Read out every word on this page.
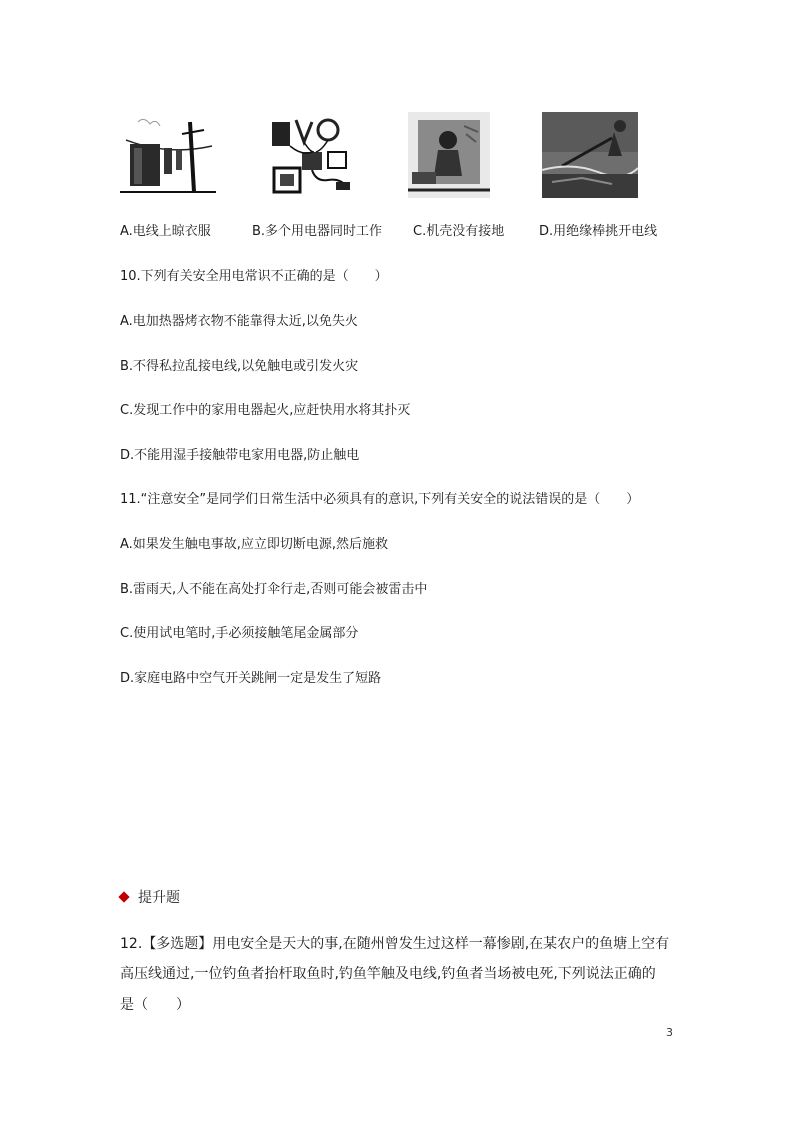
A.电线上晾衣服	B.多个用电器同时工作 C.机壳没有接地	D.用绝缘棒挑开电线
10.下列有关安全用电常识不正确的是（　　）
A.电加热器烤衣物不能靠得太近,以免失火
B.不得私拉乱接电线,以免触电或引发火灾
C.发现工作中的家用电器起火,应赶快用水将其扑灭
D.不能用湿手接触带电家用电器,防止触电
11.“注意安全”是同学们日常生活中必须具有的意识,下列有关安全的说法错误的是（　　）
A.如果发生触电事故,应立即切断电源,然后施救
B.雷雨天,人不能在高处打伞行走,否则可能会被雷击中
C.使用试电笔时,手必须接触笔尾金属部分
D.家庭电路中空气开关跳闸一定是发生了短路
提升题
12.【多选题】用电安全是天大的事,在随州曾发生过这样一幕惨剧,在某农户的鱼塘上空有
高压线通过,一位钓鱼者抬杆取鱼时,钓鱼竿触及电线,钓鱼者当场被电死,下列说法正确的
是（　　）
3
